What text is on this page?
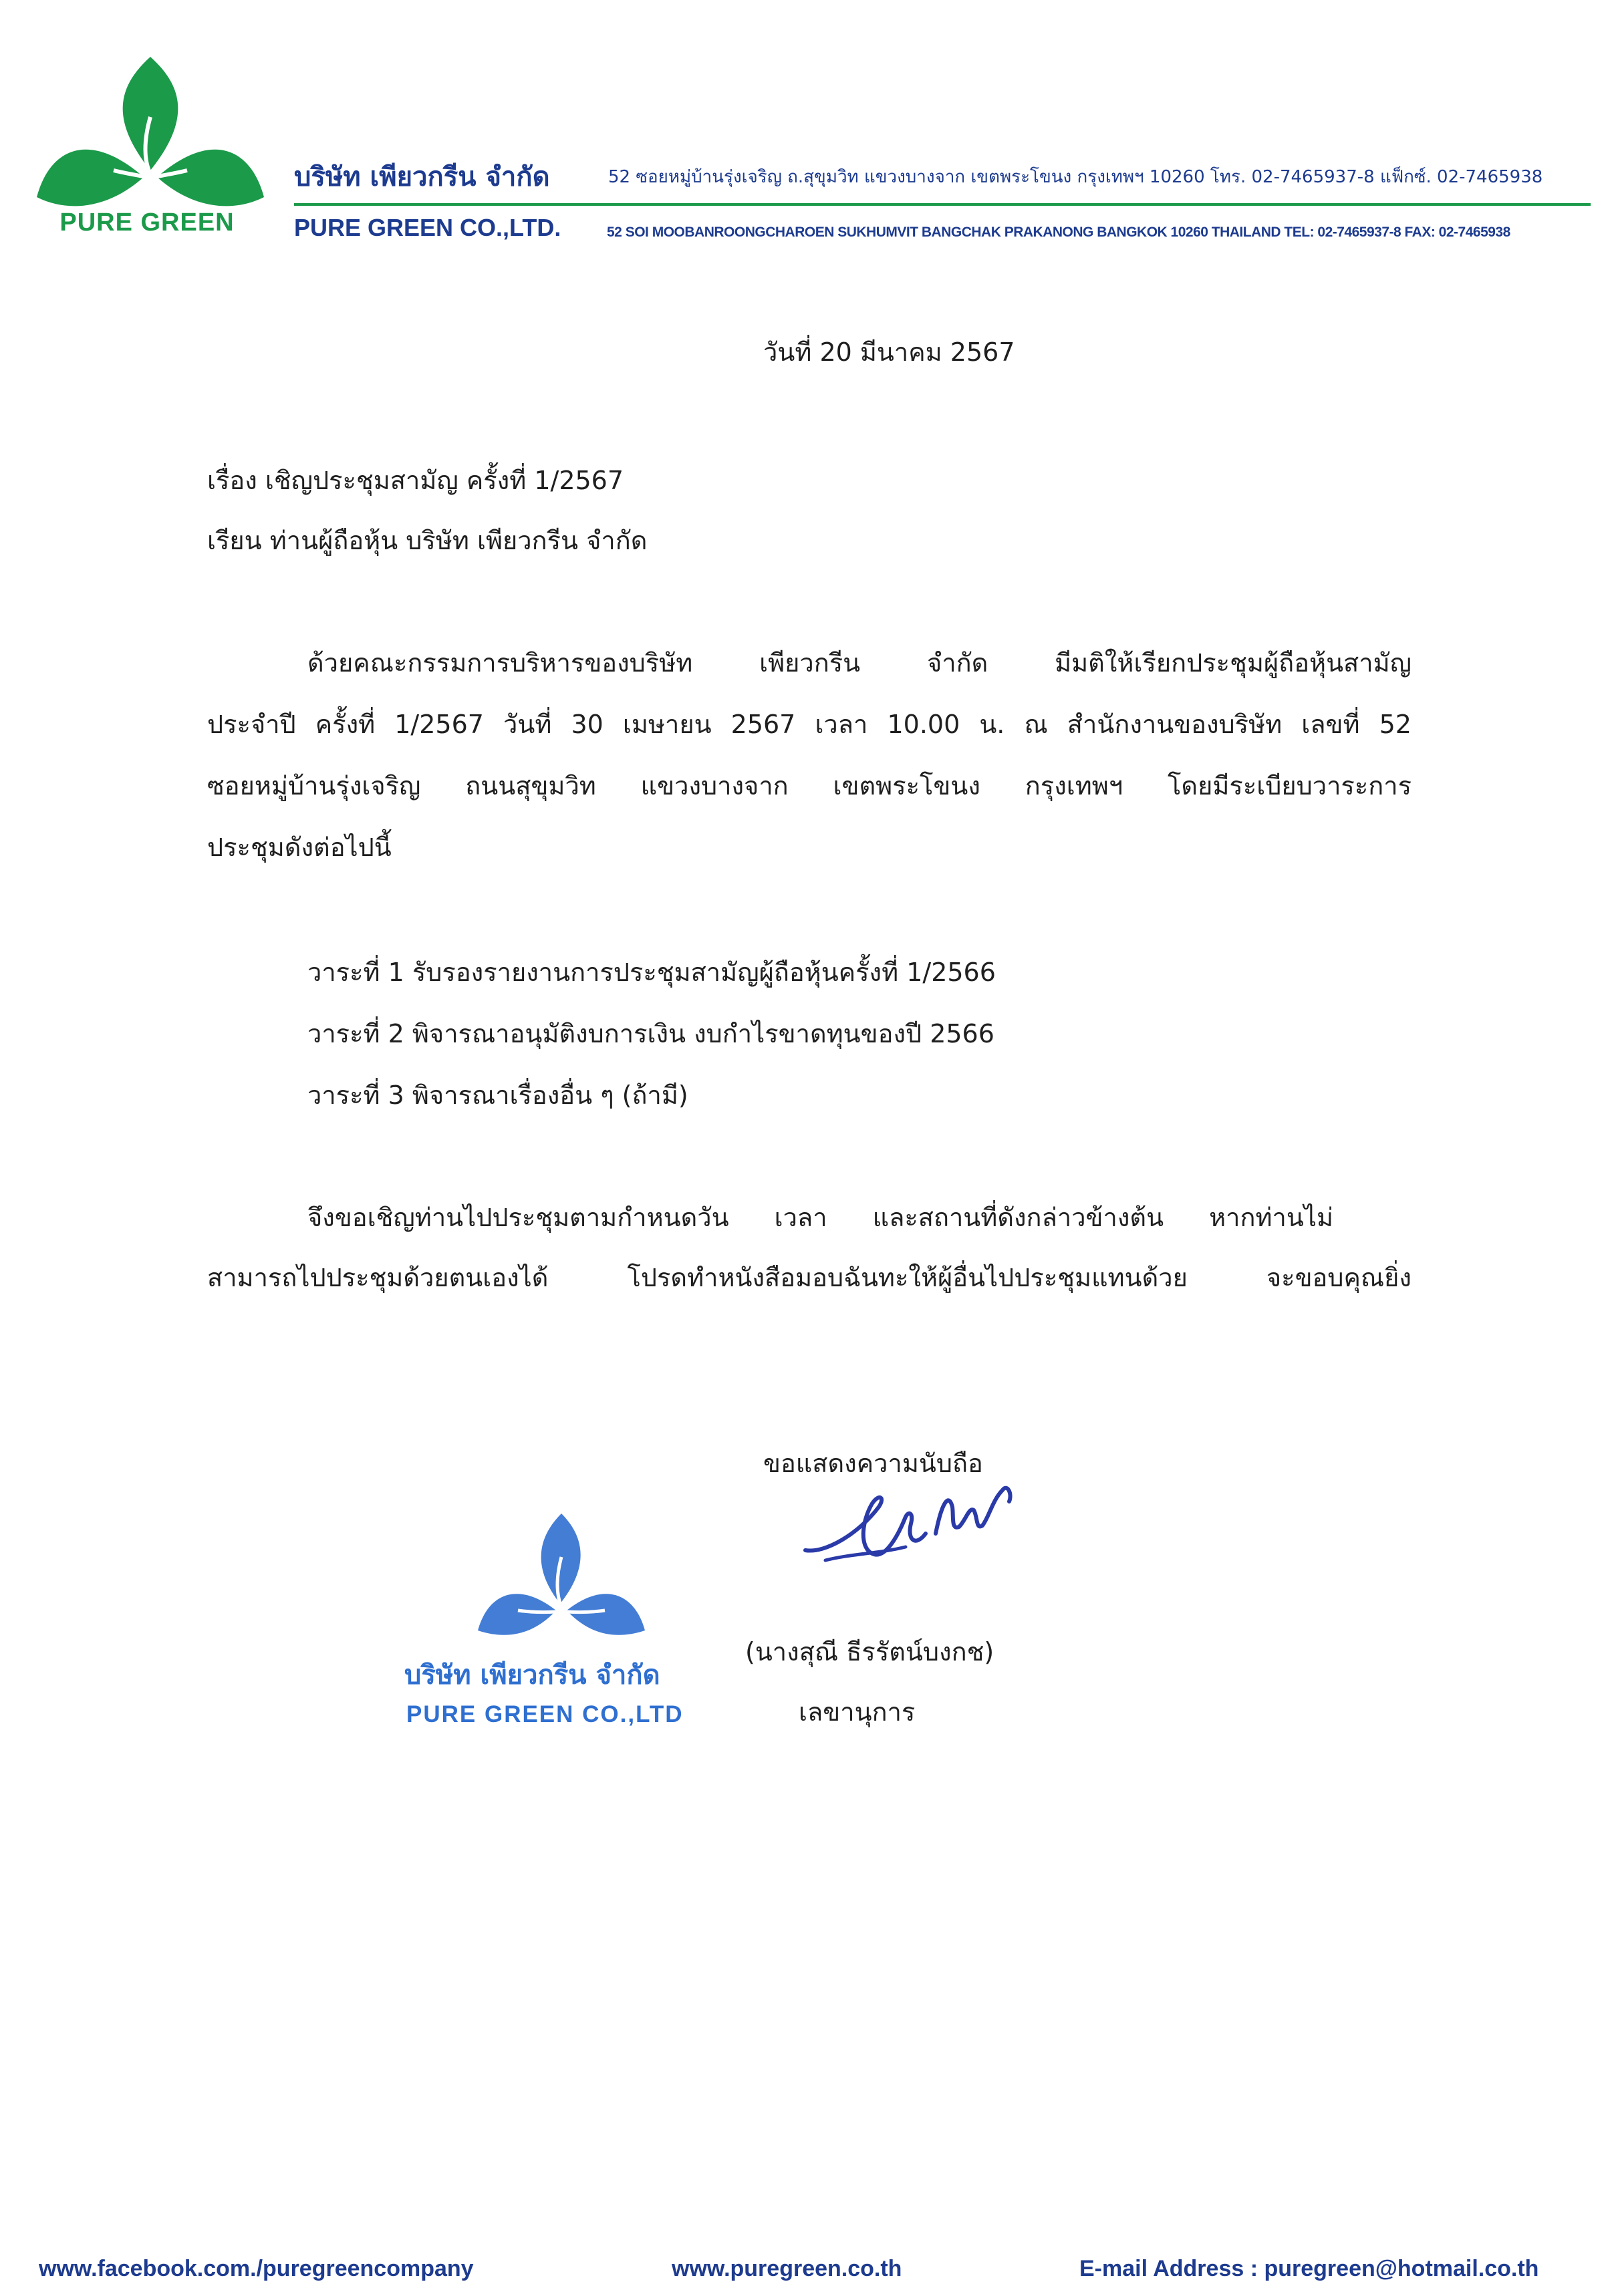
PURE GREEN
บริษัท เพียวกรีน จำกัด	52 ซอยหมู่บ้านรุ่งเจริญ ถ.สุขุมวิท แขวงบางจาก เขตพระโขนง กรุงเทพฯ 10260 โทร. 02-7465937-8 แฟ็กซ์. 02-7465938
PURE GREEN CO.,LTD.	52 SOI MOOBANROONGCHAROEN SUKHUMVIT BANGCHAK PRAKANONG BANGKOK 10260 THAILAND TEL: 02-7465937-8 FAX: 02-7465938
วันที่ 20 มีนาคม 2567
เรื่อง เชิญประชุมสามัญ ครั้งที่ 1/2567
เรียน ท่านผู้ถือหุ้น บริษัท เพียวกรีน จำกัด
ด้วยคณะกรรมการบริหารของบริษัท เพียวกรีน จำกัด มีมติให้เรียกประชุมผู้ถือหุ้นสามัญ
ประจำปี ครั้งที่ 1/2567 วันที่ 30 เมษายน 2567 เวลา 10.00 น. ณ สำนักงานของบริษัท เลขที่ 52
ซอยหมู่บ้านรุ่งเจริญ ถนนสุขุมวิท แขวงบางจาก เขตพระโขนง กรุงเทพฯ โดยมีระเบียบวาระการ
ประชุมดังต่อไปนี้
วาระที่ 1 รับรองรายงานการประชุมสามัญผู้ถือหุ้นครั้งที่ 1/2566
วาระที่ 2 พิจารณาอนุมัติงบการเงิน งบกำไรขาดทุนของปี 2566
วาระที่ 3 พิจารณาเรื่องอื่น ๆ (ถ้ามี)
จึงขอเชิญท่านไปประชุมตามกำหนดวัน เวลา และสถานที่ดังกล่าวข้างต้น หากท่านไม่
สามารถไปประชุมด้วยตนเองได้ โปรดทำหนังสือมอบฉันทะให้ผู้อื่นไปประชุมแทนด้วย จะขอบคุณยิ่ง
ขอแสดงความนับถือ
(นางสุณี ธีรรัตน์บงกช)
เลขานุการ
บริษัท เพียวกรีน จำกัด
PURE GREEN CO.,LTD
www.facebook.com./puregreencompany	www.puregreen.co.th	E-mail Address : puregreen@hotmail.co.th
